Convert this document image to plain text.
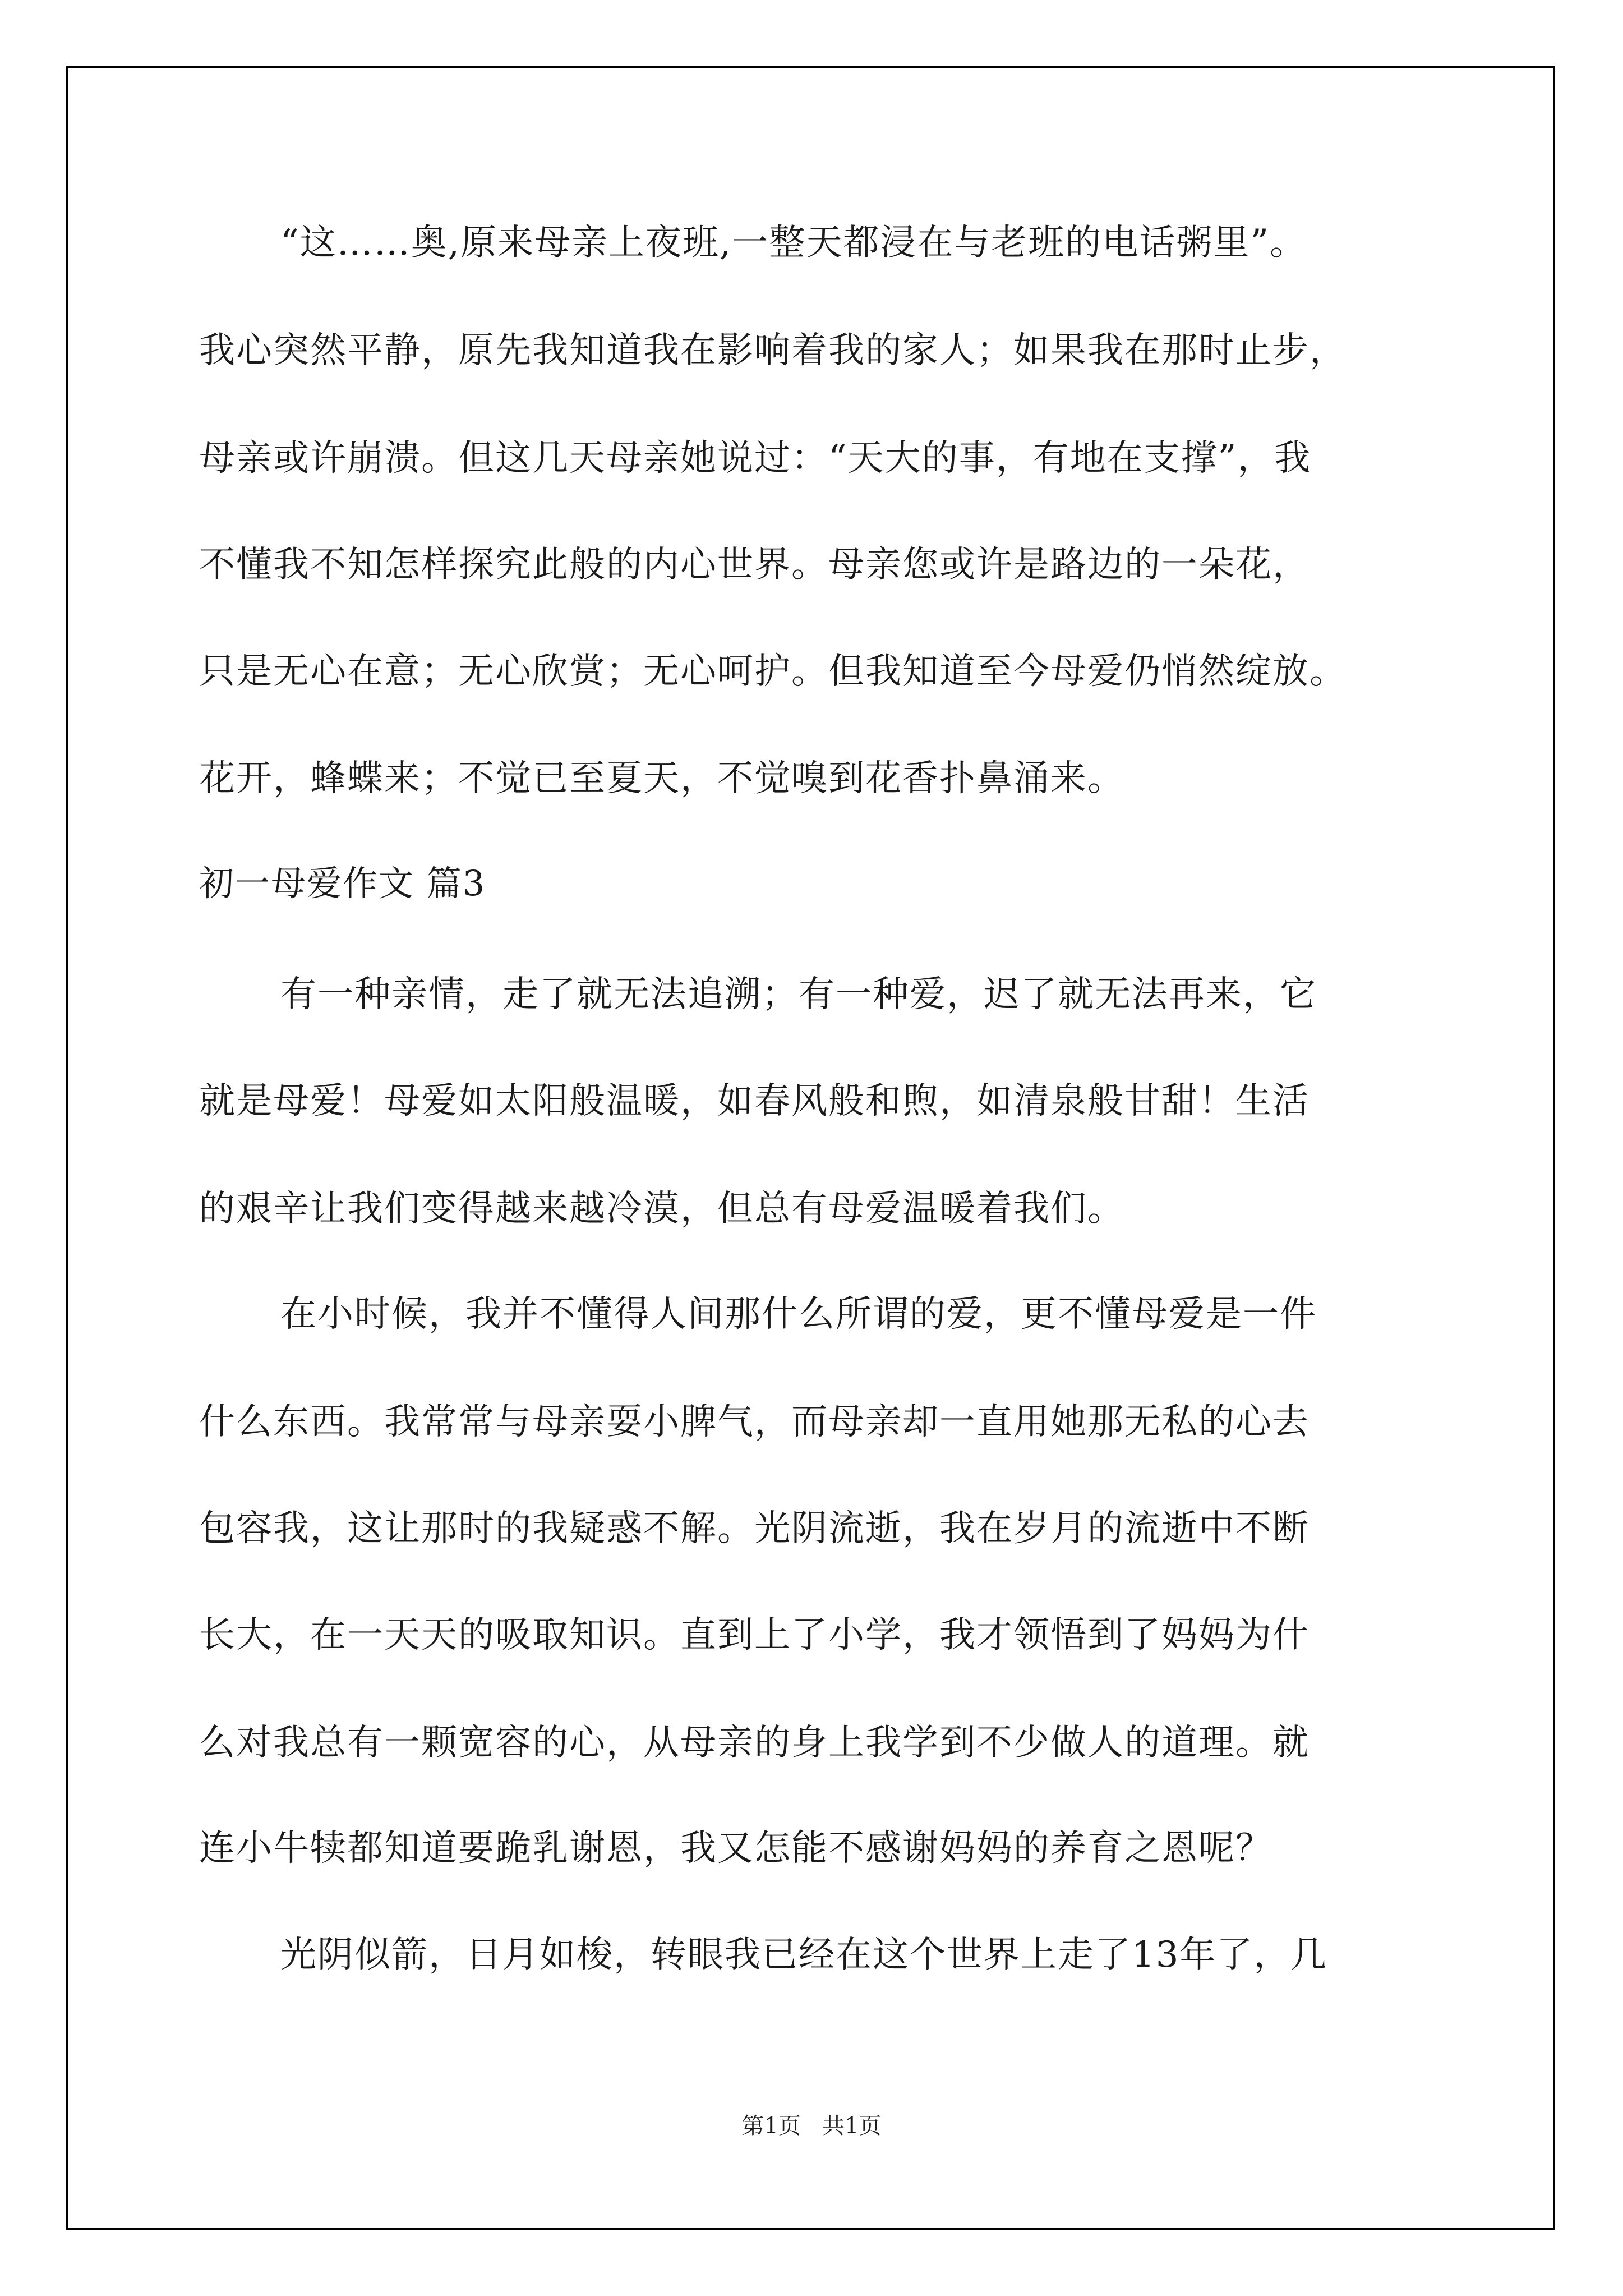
“这……奥,原来母亲上夜班,一整天都浸在与老班的电话粥里”。

我心突然平静，原先我知道我在影响着我的家人；如果我在那时止步，

母亲或许崩溃。但这几天母亲她说过：“天大的事，有地在支撑”，我

不懂我不知怎样探究此般的内心世界。母亲您或许是路边的一朵花，

只是无心在意；无心欣赏；无心呵护。但我知道至今母爱仍悄然绽放。

花开，蜂蝶来；不觉已至夏天，不觉嗅到花香扑鼻涌来。

初一母爱作文 篇3

有一种亲情，走了就无法追溯；有一种爱，迟了就无法再来，它

就是母爱！母爱如太阳般温暖，如春风般和煦，如清泉般甘甜！生活

的艰辛让我们变得越来越冷漠，但总有母爱温暖着我们。

在小时候，我并不懂得人间那什么所谓的爱，更不懂母爱是一件

什么东西。我常常与母亲耍小脾气，而母亲却一直用她那无私的心去

包容我，这让那时的我疑惑不解。光阴流逝，我在岁月的流逝中不断

长大，在一天天的吸取知识。直到上了小学，我才领悟到了妈妈为什

么对我总有一颗宽容的心，从母亲的身上我学到不少做人的道理。就

连小牛犊都知道要跪乳谢恩，我又怎能不感谢妈妈的养育之恩呢？

光阴似箭，日月如梭，转眼我已经在这个世界上走了13年了，几

第1页   共1页
